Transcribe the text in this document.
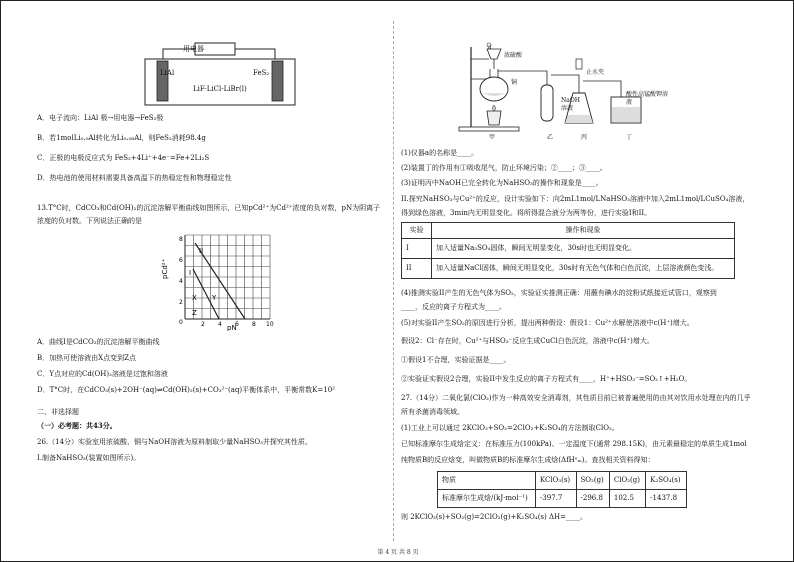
用电器
LiAl	FeS₂
LiF-LiCl-LiBr(l)
A．电子流向：LiAl 极→用电器→FeS₂极
B．若1molLi₀.₀Al转化为Li₀.₀₈Al，则FeS₂消耗98.4g
C．正极的电极反应式为 FeS₂+4Li⁺+4e⁻=Fe+2Li₂S
D．热电池的使用材料需要具备高温下的热稳定性和物理稳定性
13.T°C时，CdCO₃和Cd(OH)₂的沉淀溶解平衡曲线如图所示，已知pCd²⁺为Cd²⁺浓度的负对数，pN为阴离子
浓度的负对数。下列说法正确的是
II
I
X Y
Z
pCd²⁺
pN
8
6
4
2
0	2 4 6 8 10
A．曲线I是CdCO₃的沉淀溶解平衡曲线
B．加热可使溶液由X点变到Z点
C．Y点对应的Cd(OH)₂溶液是过饱和溶液
D．T°C时，在CdCO₃(s)+2OH⁻(aq)⇌Cd(OH)₂(s)+CO₃²⁻(aq)平衡体系中，平衡常数K=10²
二、非选择题
（一）必考题：共43分。
26.（14分）实验室用浓硫酸、铜与NaOH溶液为原料制取少量NaHSO₃并探究其性质。
I.制备NaHSO₃(装置如图所示)。
a
浓硫酸
铜
止水夹
NaOH 溶液
酸性高锰酸钾溶液
甲	乙	丙	丁
(1)仪器a的名称是____。
(2)装置丁的作用有①吸收尾气，防止环境污染；②____；③____。
(3)证明丙中NaOH已完全转化为NaHSO₃的操作和现象是____。
II.探究NaHSO₃与Cu²⁺的反应，设计实验如下：向2mL1mol/LNaHSO₃溶液中加入2mL1mol/LCuSO₄溶液，
得到绿色溶液，3min内无明显变化。将所得混合液分为两等份，进行实验I和II。
实验	操作和现象
I	加入适量Na₂SO₄固体，瞬间无明显变化，30s时也无明显变化。
II	加入适量NaCl固体，瞬间无明显变化，30s时有无色气体和白色沉淀，上层溶液颜色变浅。
(4)推测实验II产生的无色气体为SO₂，实验证实推测正确：用蘸有碘水的淀粉试纸接近试管口，观察到
____，反应的离子方程式为____。
(5)对实验II产生SO₂的原因进行分析，提出两种假设：假设1：Cu²⁺水解使溶液中c(H⁺)增大。
假设2：Cl⁻存在时，Cu²⁺与HSO₃⁻反应生成CuCl白色沉淀，溶液中c(H⁺)增大。
①假设1不合理，实验证据是____。
②实验证实假设2合理，实验II中发生反应的离子方程式有____，H⁺+HSO₃⁻=SO₂↑+H₂O。
27.（14分）二氧化氯(ClO₂)作为一种高效安全消毒剂，其性质目前已被普遍使用的由其对饮用水处理在内的几乎
所有杀菌消毒领域。
(1)工业上可以通过 2KClO₃+SO₂=2ClO₂+K₂SO₄的方法制取ClO₂。
已知标准摩尔生成焓定义：在标准压力(100kPa)、一定温度下(通常 298.15K)，由元素最稳定的单质生成1mol
纯物质B的反应焓变，叫做物质B的标准摩尔生成焓(ΔfHᵒₘ)。查找相关资料得知：
物质	KClO₃(s)	SO₂(g)	ClO₂(g)	K₂SO₄(s)
标准摩尔生成焓/(kJ·mol⁻¹)	-397.7	-296.8	102.5	-1437.8
则 2KClO₃(s)+SO₂(g)=2ClO₂(g)+K₂SO₄(s) ΔH=____。
第 4 页 共 8 页
